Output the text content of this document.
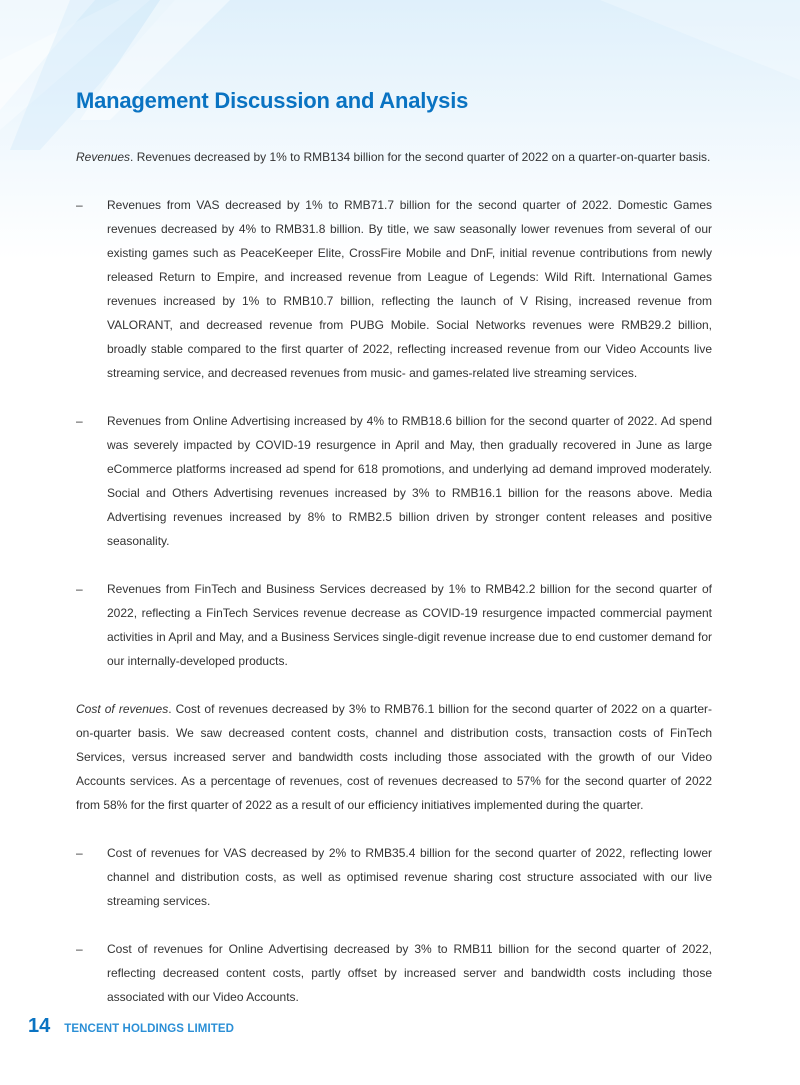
Management Discussion and Analysis

Revenues. Revenues decreased by 1% to RMB134 billion for the second quarter of 2022 on a quarter-on-quarter basis.

– Revenues from VAS decreased by 1% to RMB71.7 billion for the second quarter of 2022. Domestic Games revenues decreased by 4% to RMB31.8 billion. By title, we saw seasonally lower revenues from several of our existing games such as PeaceKeeper Elite, CrossFire Mobile and DnF, initial revenue contributions from newly released Return to Empire, and increased revenue from League of Legends: Wild Rift. International Games revenues increased by 1% to RMB10.7 billion, reflecting the launch of V Rising, increased revenue from VALORANT, and decreased revenue from PUBG Mobile. Social Networks revenues were RMB29.2 billion, broadly stable compared to the first quarter of 2022, reflecting increased revenue from our Video Accounts live streaming service, and decreased revenues from music- and games-related live streaming services.
– Revenues from Online Advertising increased by 4% to RMB18.6 billion for the second quarter of 2022. Ad spend was severely impacted by COVID-19 resurgence in April and May, then gradually recovered in June as large eCommerce platforms increased ad spend for 618 promotions, and underlying ad demand improved moderately. Social and Others Advertising revenues increased by 3% to RMB16.1 billion for the reasons above. Media Advertising revenues increased by 8% to RMB2.5 billion driven by stronger content releases and positive seasonality.
– Revenues from FinTech and Business Services decreased by 1% to RMB42.2 billion for the second quarter of 2022, reflecting a FinTech Services revenue decrease as COVID-19 resurgence impacted commercial payment activities in April and May, and a Business Services single-digit revenue increase due to end customer demand for our internally-developed products.

Cost of revenues. Cost of revenues decreased by 3% to RMB76.1 billion for the second quarter of 2022 on a quarter-on-quarter basis. We saw decreased content costs, channel and distribution costs, transaction costs of FinTech Services, versus increased server and bandwidth costs including those associated with the growth of our Video Accounts services. As a percentage of revenues, cost of revenues decreased to 57% for the second quarter of 2022 from 58% for the first quarter of 2022 as a result of our efficiency initiatives implemented during the quarter.

– Cost of revenues for VAS decreased by 2% to RMB35.4 billion for the second quarter of 2022, reflecting lower channel and distribution costs, as well as optimised revenue sharing cost structure associated with our live streaming services.
– Cost of revenues for Online Advertising decreased by 3% to RMB11 billion for the second quarter of 2022, reflecting decreased content costs, partly offset by increased server and bandwidth costs including those associated with our Video Accounts.
14 TENCENT HOLDINGS LIMITED
